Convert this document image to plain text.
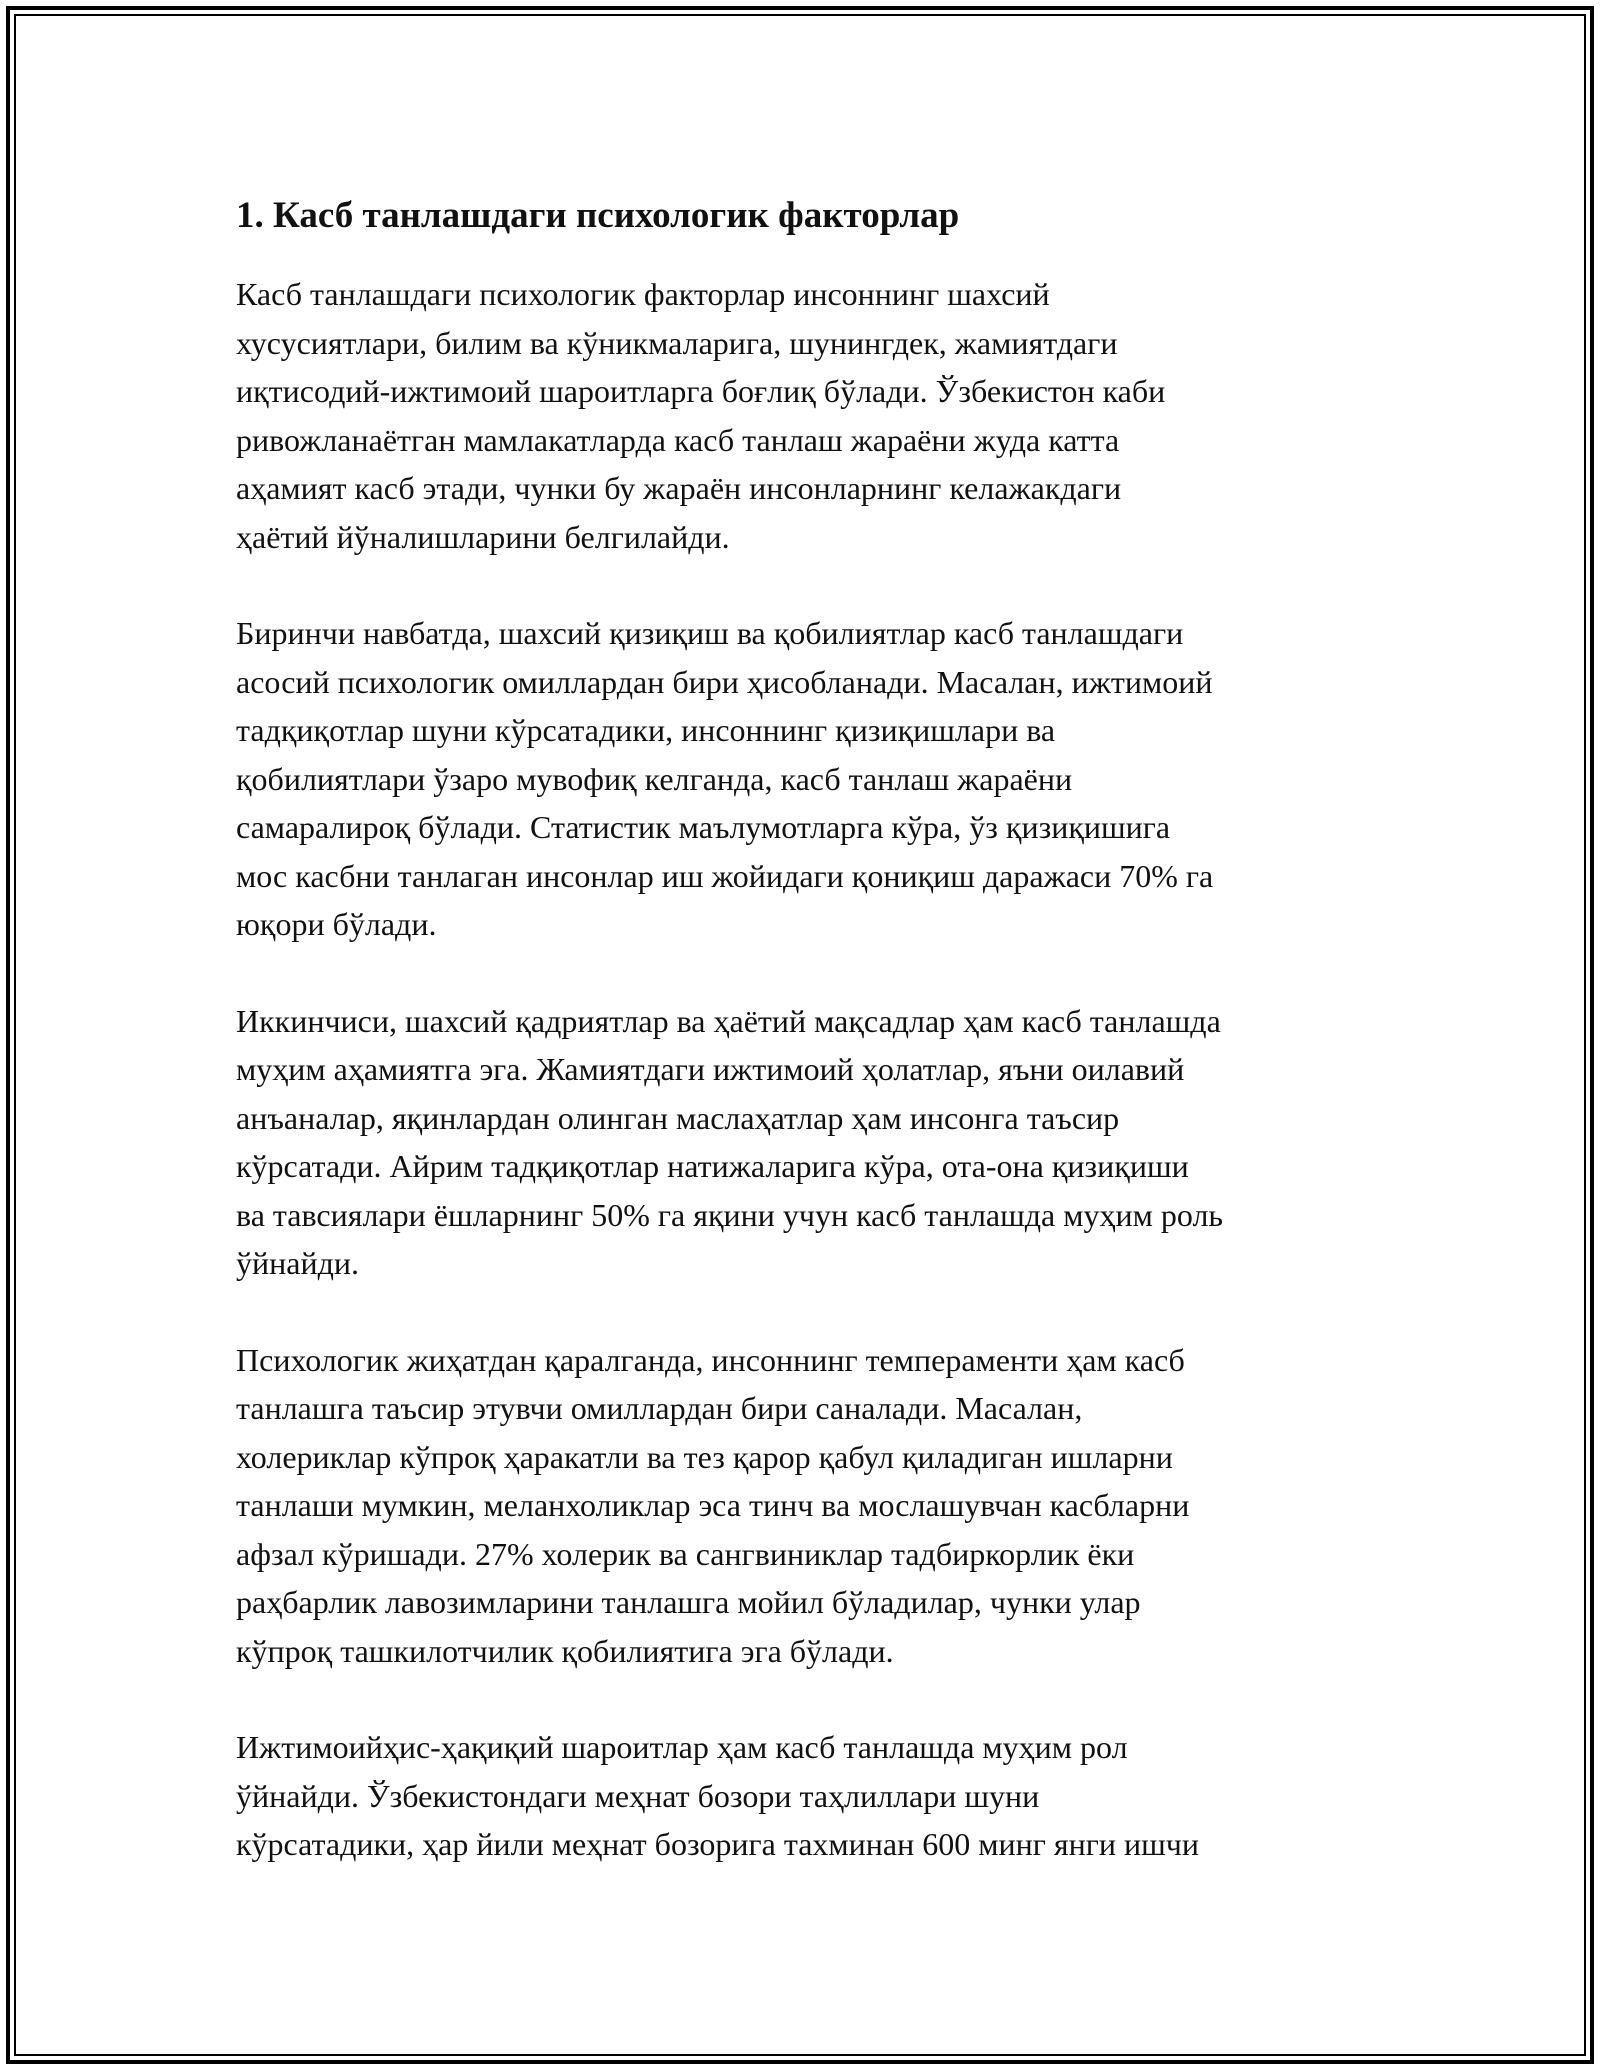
1. Касб танлашдаги психологик факторлар

Касб танлашдаги психологик факторлар инсоннинг шахсий
хусусиятлари, билим ва кўникмаларига, шунингдек, жамиятдаги
иқтисодий-ижтимоий шароитларга боғлиқ бўлади. Ўзбекистон каби
ривожланаётган мамлакатларда касб танлаш жараёни жуда катта
аҳамият касб этади, чунки бу жараён инсонларнинг келажакдаги
ҳаётий йўналишларини белгилайди.

Биринчи навбатда, шахсий қизиқиш ва қобилиятлар касб танлашдаги
асосий психологик омиллардан бири ҳисобланади. Масалан, ижтимоий
тадқиқотлар шуни кўрсатадики, инсоннинг қизиқишлари ва
қобилиятлари ўзаро мувофиқ келганда, касб танлаш жараёни
самаралироқ бўлади. Статистик маълумотларга кўра, ўз қизиқишига
мос касбни танлаган инсонлар иш жойидаги қониқиш даражаси 70% га
юқори бўлади.

Иккинчиси, шахсий қадриятлар ва ҳаётий мақсадлар ҳам касб танлашда
муҳим аҳамиятга эга. Жамиятдаги ижтимоий ҳолатлар, яъни оилавий
анъаналар, яқинлардан олинган маслаҳатлар ҳам инсонга таъсир
кўрсатади. Айрим тадқиқотлар натижаларига кўра, ота-она қизиқиши
ва тавсиялари ёшларнинг 50% га яқини учун касб танлашда муҳим роль
ўйнайди.

Психологик жиҳатдан қаралганда, инсоннинг темпераменти ҳам касб
танлашга таъсир этувчи омиллардан бири саналади. Масалан,
холериклар кўпроқ ҳаракатли ва тез қарор қабул қиладиган ишларни
танлаши мумкин, меланхоликлар эса тинч ва мослашувчан касбларни
афзал кўришади. 27% холерик ва сангвиниклар тадбиркорлик ёки
раҳбарлик лавозимларини танлашга мойил бўладилар, чунки улар
кўпроқ ташкилотчилик қобилиятига эга бўлади.

Ижтимоийҳис-ҳақиқий шароитлар ҳам касб танлашда муҳим рол
ўйнайди. Ўзбекистондаги меҳнат бозори таҳлиллари шуни
кўрсатадики, ҳар йили меҳнат бозорига тахминан 600 минг янги ишчи
